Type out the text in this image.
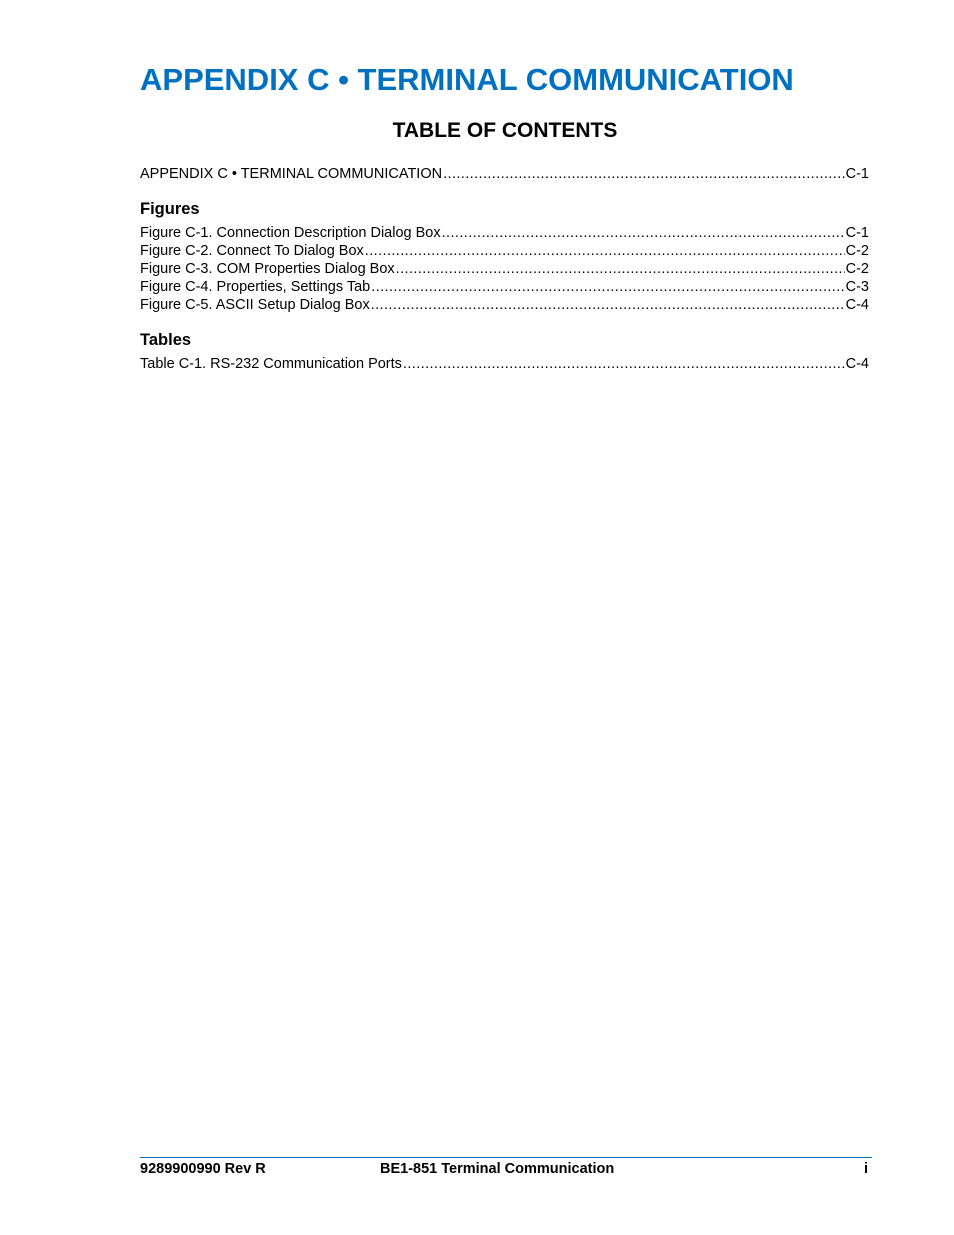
APPENDIX C • TERMINAL COMMUNICATION
TABLE OF CONTENTS
APPENDIX C • TERMINAL COMMUNICATION .....	C-1
Figures
Figure C-1. Connection Description Dialog Box .....	C-1
Figure C-2. Connect To Dialog Box .....	C-2
Figure C-3. COM Properties Dialog Box .....	C-2
Figure C-4. Properties, Settings Tab .....	C-3
Figure C-5. ASCII Setup Dialog Box .....	C-4
Tables
Table C-1. RS-232 Communication Ports .....	C-4
9289900990 Rev R	BE1-851 Terminal Communication	i
